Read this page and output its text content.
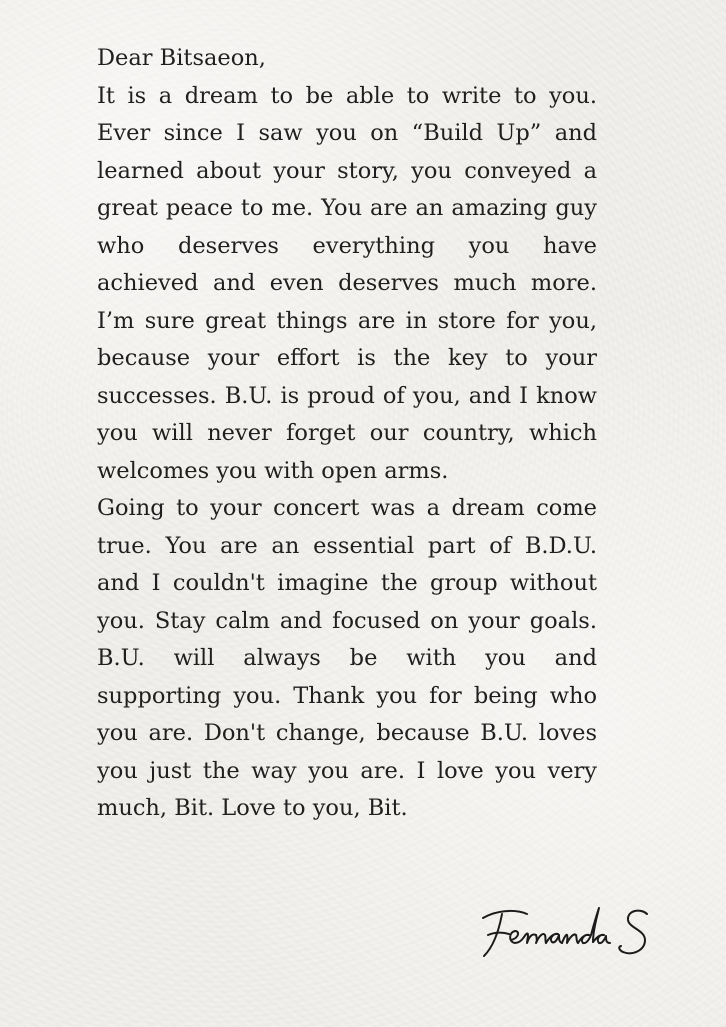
Dear Bitsaeon,

It is a dream to be able to write to you. Ever since I saw you on “Build Up” and learned about your story, you conveyed a great peace to me. You are an amazing guy who deserves everything you have achieved and even deserves much more. I’m sure great things are in store for you, because your effort is the key to your successes. B.U. is proud of you, and I know you will never forget our country, which welcomes you with open arms.

Going to your concert was a dream come true. You are an essential part of B.D.U. and I couldn't imagine the group without you. Stay calm and focused on your goals. B.U. will always be with you and supporting you. Thank you for being who you are. Don't change, because B.U. loves you just the way you are. I love you very much, Bit. Love to you, Bit.
